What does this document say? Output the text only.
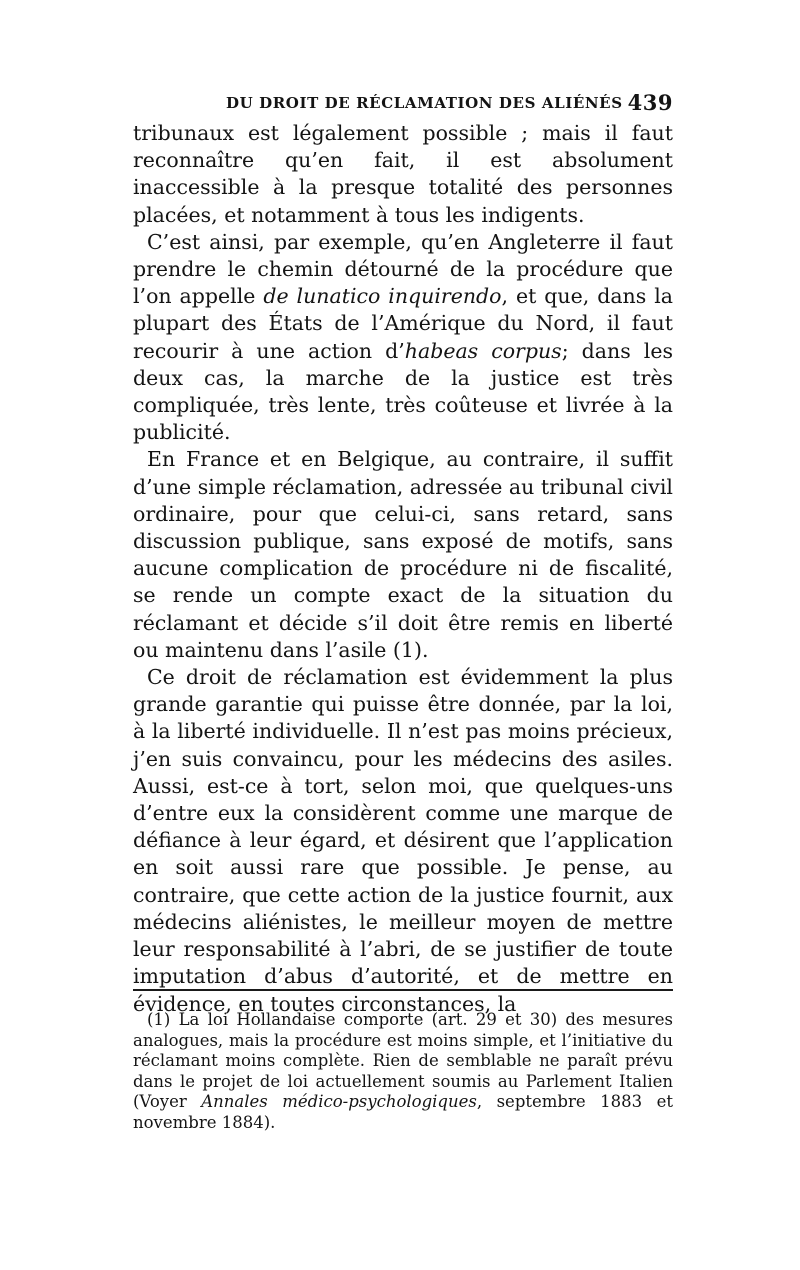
DU DROIT DE RÉCLAMATION DES ALIÉNÉS 439

tribunaux est légalement possible ; mais il faut reconnaître qu’en fait, il est absolument inaccessible à la presque totalité des personnes placées, et notamment à tous les indigents.

C’est ainsi, par exemple, qu’en Angleterre il faut prendre le chemin détourné de la procédure que l’on appelle de lunatico inquirendo, et que, dans la plupart des États de l’Amérique du Nord, il faut recourir à une action d’habeas corpus; dans les deux cas, la marche de la justice est très compliquée, très lente, très coûteuse et livrée à la publicité.

En France et en Belgique, au contraire, il suffit d’une simple réclamation, adressée au tribunal civil ordinaire, pour que celui-ci, sans retard, sans discussion publique, sans exposé de motifs, sans aucune complication de procédure ni de fiscalité, se rende un compte exact de la situation du réclamant et décide s’il doit être remis en liberté ou maintenu dans l’asile (1).

Ce droit de réclamation est évidemment la plus grande garantie qui puisse être donnée, par la loi, à la liberté individuelle. Il n’est pas moins précieux, j’en suis convaincu, pour les médecins des asiles. Aussi, est-ce à tort, selon moi, que quelques-uns d’entre eux la considèrent comme une marque de défiance à leur égard, et désirent que l’application en soit aussi rare que possible. Je pense, au contraire, que cette action de la justice fournit, aux médecins aliénistes, le meilleur moyen de mettre leur responsabilité à l’abri, de se justifier de toute imputation d’abus d’autorité, et de mettre en évidence, en toutes circonstances, la

(1) La loi Hollandaise comporte (art. 29 et 30) des mesures analogues, mais la procédure est moins simple, et l’initiative du réclamant moins complète. Rien de semblable ne paraît prévu dans le projet de loi actuellement soumis au Parlement Italien (Voyer Annales médico-psychologiques, septembre 1883 et novembre 1884).
